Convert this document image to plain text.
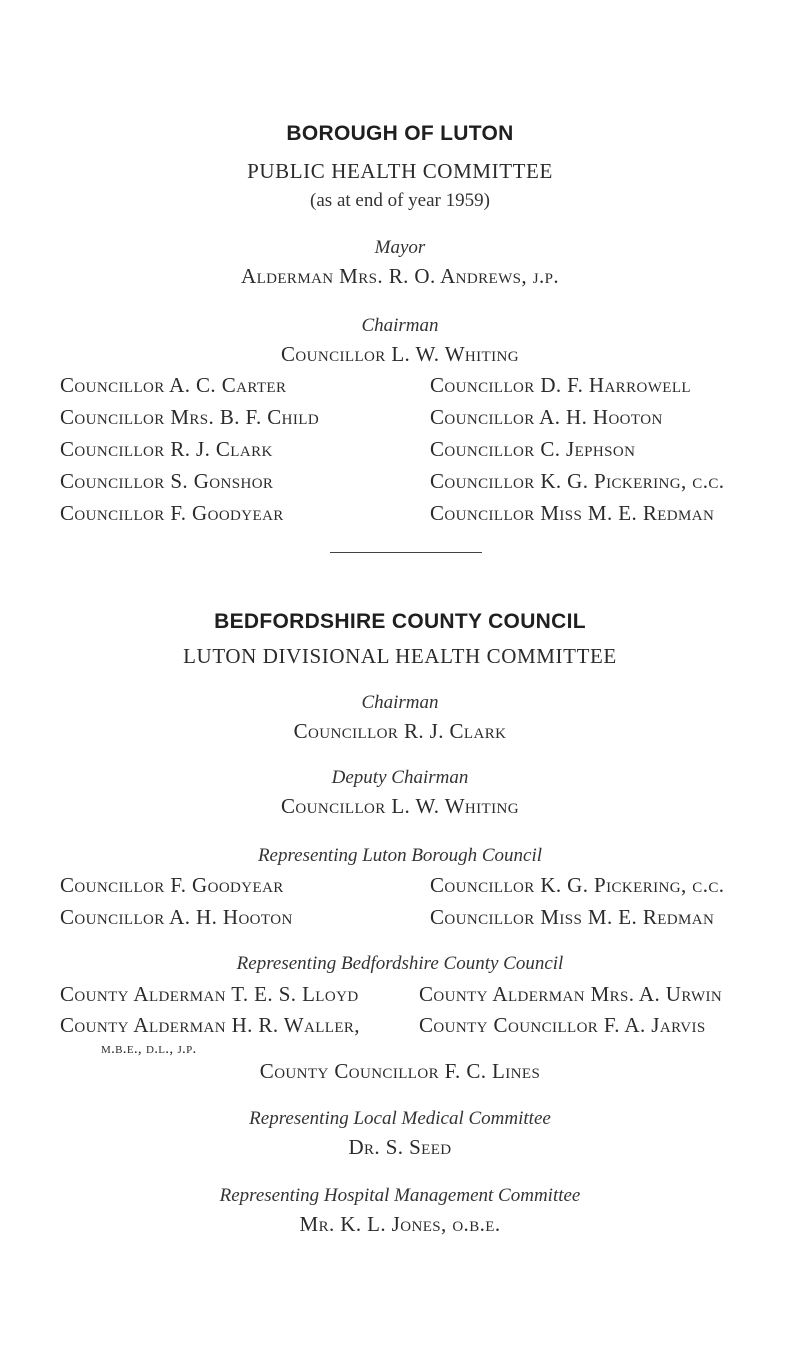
BOROUGH OF LUTON
PUBLIC HEALTH COMMITTEE
(as at end of year 1959)
Mayor
Alderman Mrs. R. O. Andrews, j.p.
Chairman
Councillor L. W. Whiting
Councillor A. C. Carter
Councillor Mrs. B. F. Child
Councillor R. J. Clark
Councillor S. Gonshor
Councillor F. Goodyear
Councillor D. F. Harrowell
Councillor A. H. Hooton
Councillor C. Jephson
Councillor K. G. Pickering, c.c.
Councillor Miss M. E. Redman
BEDFORDSHIRE COUNTY COUNCIL
LUTON DIVISIONAL HEALTH COMMITTEE
Chairman
Councillor R. J. Clark
Deputy Chairman
Councillor L. W. Whiting
Representing Luton Borough Council
Councillor F. Goodyear
Councillor A. H. Hooton
Councillor K. G. Pickering, c.c.
Councillor Miss M. E. Redman
Representing Bedfordshire County Council
County Alderman T. E. S. Lloyd
County Alderman H. R. Waller,
m.b.e., d.l., j.p.
County Alderman Mrs. A. Urwin
County Councillor F. A. Jarvis
County Councillor F. C. Lines
Representing Local Medical Committee
Dr. S. Seed
Representing Hospital Management Committee
Mr. K. L. Jones, o.b.e.
